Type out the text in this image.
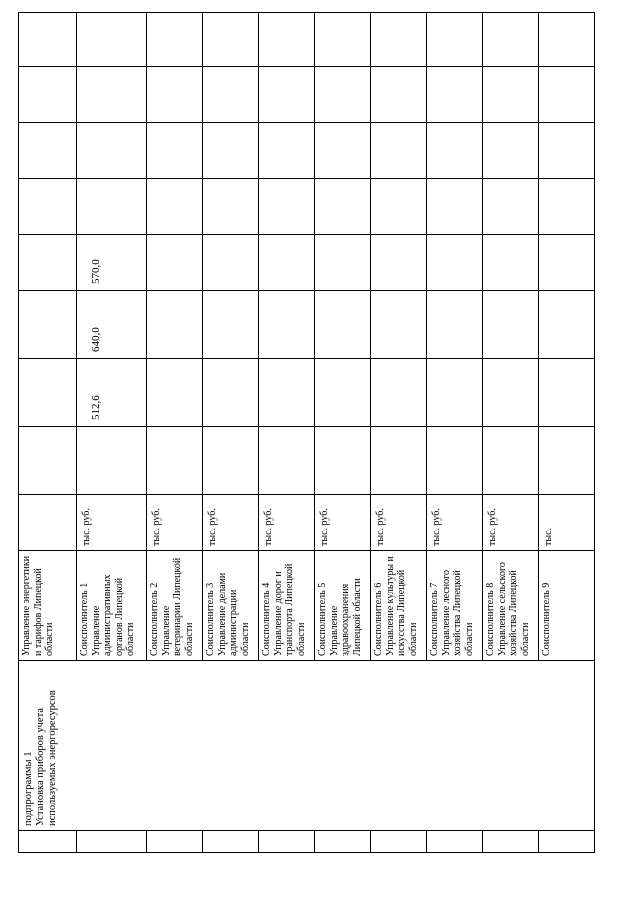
	подпрограммы 1 Установка приборов учета используемых энергоресурсов	Управление энергетики и тарифов Липецкой области									

		Соисполнитель 1 Управление административных органов Липецкой области	тыс. руб.		512,6	640,0	570,0				

		Соисполнитель 2 Управление ветеринарии Липецкой области	тыс. руб.								

		Соисполнитель 3 Управление делами администрации области	тыс. руб.								

		Соисполнитель 4 Управление дорог и транспорта Липецкой области	тыс. руб.								

		Соисполнитель 5 Управление здравоохранения Липецкой области	тыс. руб.								

		Соисполнитель 6 Управление культуры и искусства Липецкой области	тыс. руб.								

		Соисполнитель 7 Управление лесного хозяйства Липецкой области	тыс. руб.								

		Соисполнитель 8 Управление сельского хозяйства Липецкой области	тыс. руб.								

		Соисполнитель 9	тыс.								
